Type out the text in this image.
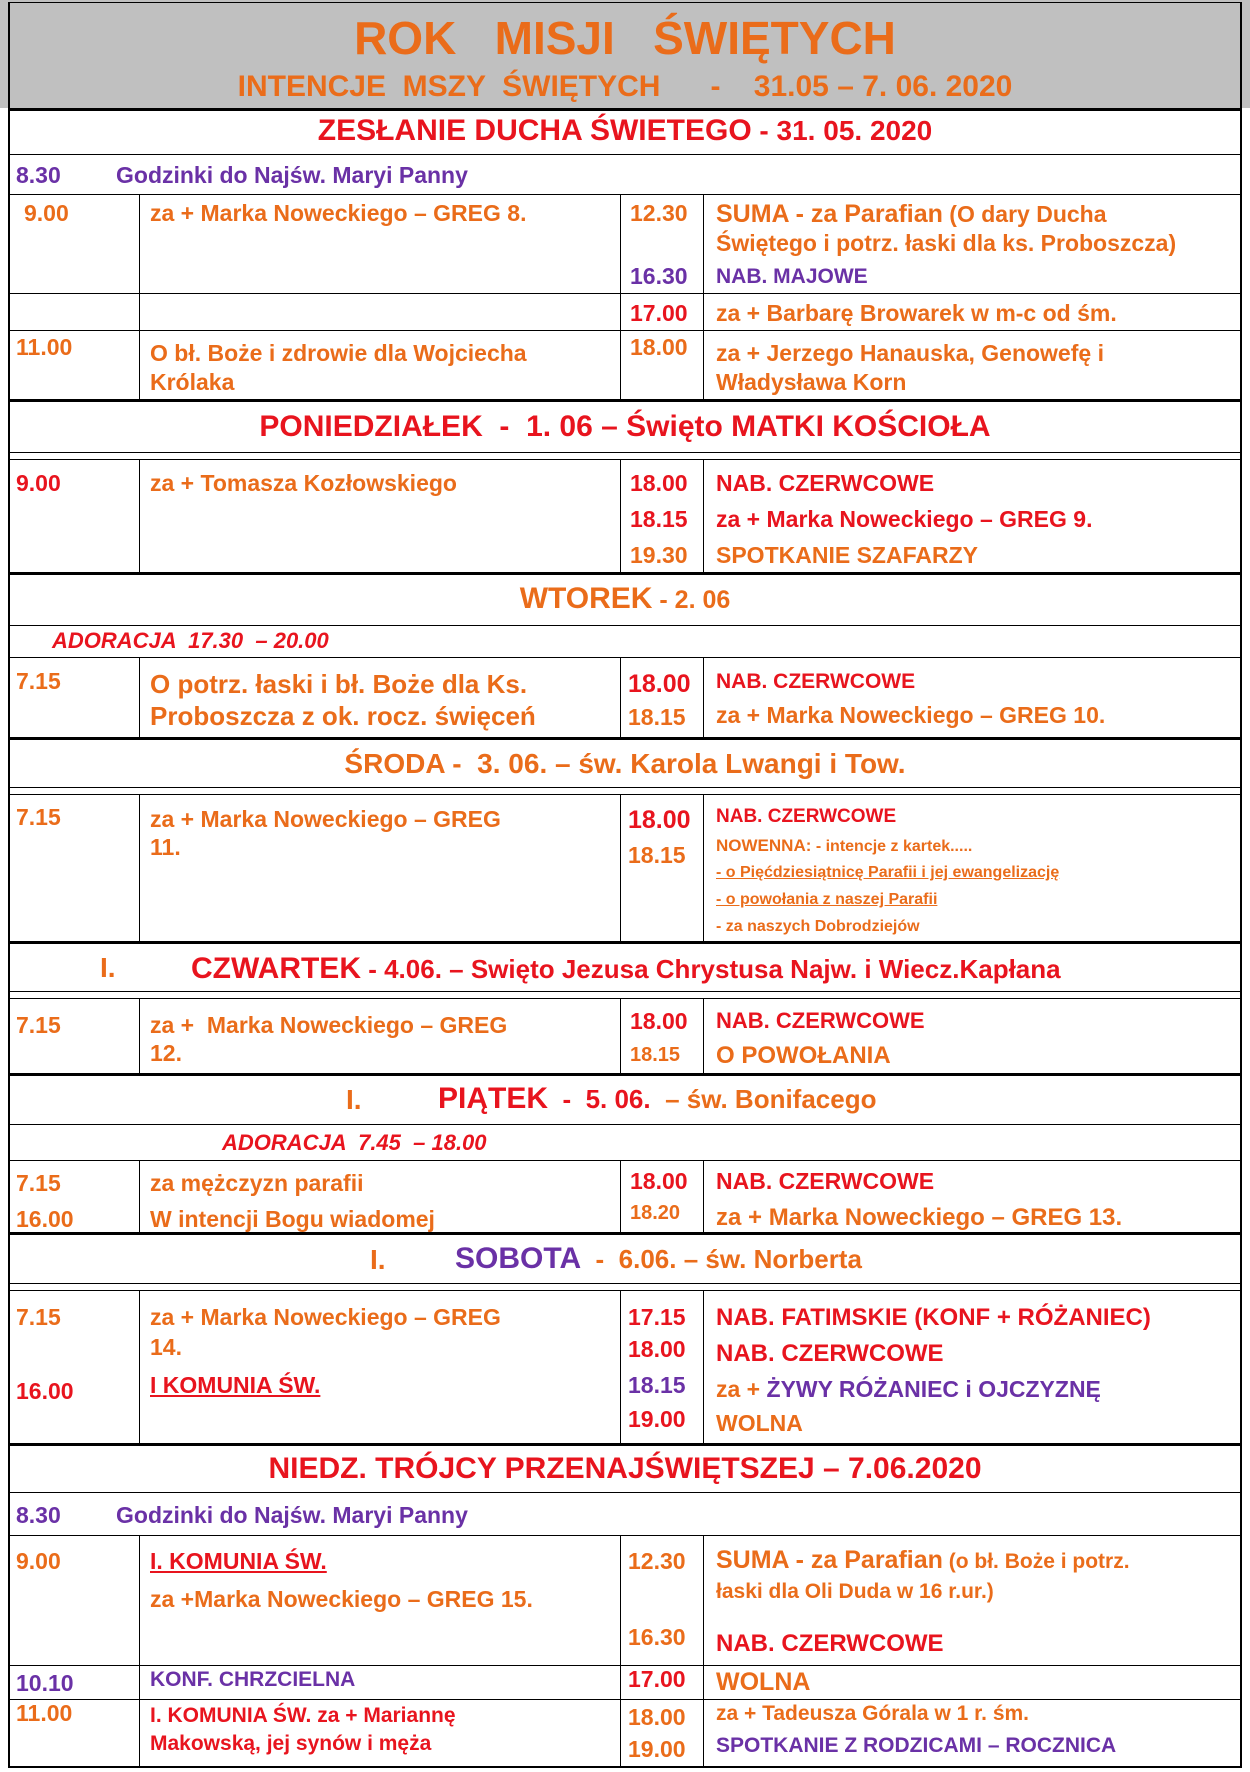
ROK   MISJI   ŚWIĘTYCH
INTENCJE  MSZY  ŚWIĘTYCH      -    31.05 – 7. 06. 2020
ZESŁANIE DUCHA ŚWIETEGO - 31. 05. 2020
8.30 Godzinki do Najśw. Maryi Panny
9.00	za + Marka Noweckiego – GREG 8.	12.30 SUMA - za Parafian (O dary Ducha
Świętego i potrz. łaski dla ks. Proboszcza)
16.30 NAB. MAJOWE
17.00 za + Barbarę Browarek w m-c od śm.
11.00	O bł. Boże i zdrowie dla Wojciecha
Królaka
18.00 za + Jerzego Hanauska, Genowefę i
Władysława Korn
PONIEDZIAŁEK  -  1. 06 – Święto MATKI KOŚCIOŁA
9.00	za + Tomasza Kozłowskiego	18.00 NAB. CZERWCOWE
18.15 za + Marka Noweckiego – GREG 9.
19.30 SPOTKANIE SZAFARZY
WTOREK - 2. 06
ADORACJA  17.30  – 20.00
7.15	O potrz. łaski i bł. Boże dla Ks.
Proboszcza z ok. rocz. święceń
18.00 NAB. CZERWCOWE
18.15 za + Marka Noweckiego – GREG 10.
ŚRODA -  3. 06. – św. Karola Lwangi i Tow.
7.15	za + Marka Noweckiego – GREG
11.
18.00 NAB. CZERWCOWE
18.15 NOWENNA: - intencje z kartek.....
- o Pięćdziesiątnicę Parafii i jej ewangelizację
- o powołania z naszej Parafii
- za naszych Dobrodziejów
I.	CZWARTEK - 4.06. – Swięto Jezusa Chrystusa Najw. i Wiecz.Kapłana
7.15	za +  Marka Noweckiego – GREG
12.
18.00 NAB. CZERWCOWE
18.15 O POWOŁANIA
I.	PIĄTEK  -  5. 06.  – św. Bonifacego
ADORACJA  7.45  – 18.00
7.15	za mężczyzn parafii
16.00	W intencji Bogu wiadomej
18.00 NAB. CZERWCOWE
18.20 za + Marka Noweckiego – GREG 13.
I. SOBOTA  -  6.06. – św. Norberta
7.15	za + Marka Noweckiego – GREG
14.
16.00	I KOMUNIA ŚW.
17.15 NAB. FATIMSKIE (KONF + RÓŻANIEC)
18.00 NAB. CZERWCOWE
18.15 za + ŻYWY RÓŻANIEC i OJCZYZNĘ
19.00 WOLNA
NIEDZ. TRÓJCY PRZENAJŚWIĘTSZEJ – 7.06.2020
8.30 Godzinki do Najśw. Maryi Panny
9.00	I. KOMUNIA ŚW.
za +Marka Noweckiego – GREG 15.
12.30 SUMA - za Parafian (o bł. Boże i potrz.
łaski dla Oli Duda w 16 r.ur.)
16.30 NAB. CZERWCOWE
10.10	KONF. CHRZCIELNA	17.00 WOLNA
11.00	I. KOMUNIA ŚW. za + Mariannę
Makowską, jej synów i męża
18.00 za + Tadeusza Górala w 1 r. śm.
19.00 SPOTKANIE Z RODZICAMI – ROCZNICA
